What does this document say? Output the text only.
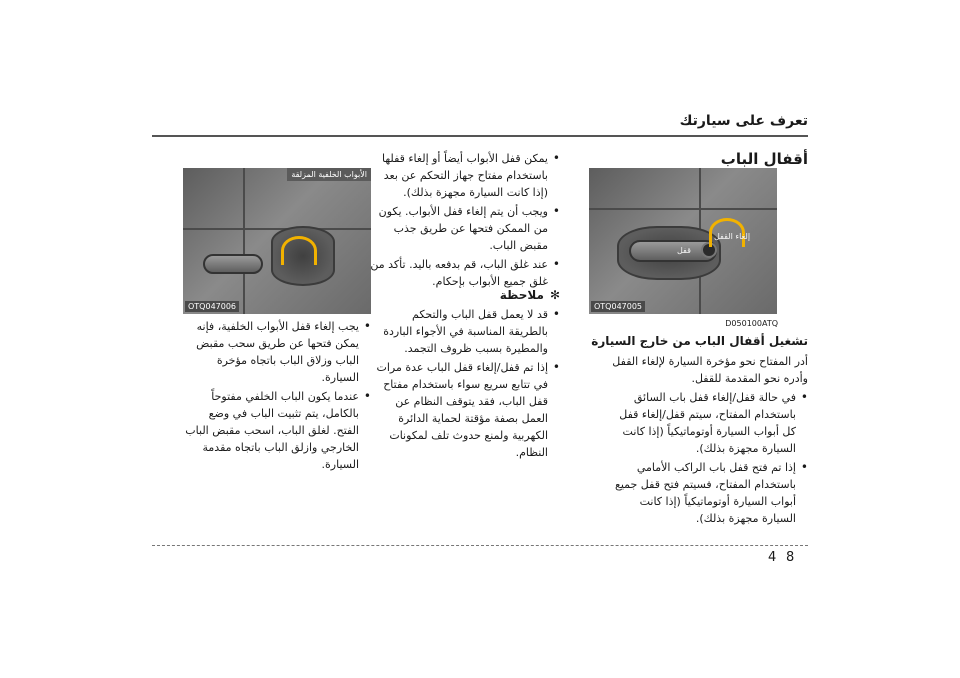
تعرف على سيارتك
أقفال الباب
قفل
إلغاء القفل
OTQ047005
D050100ATQ
الأبواب الخلفية المزلقة
OTQ047006
تشغيل أقفال الباب من خارج السيارة

أدر المفتاح نحو مؤخرة السيارة لإلغاء القفل وأدره نحو المقدمة للقفل.

• في حالة قفل/إلغاء قفل باب السائق باستخدام المفتاح، سيتم قفل/إلغاء قفل كل أبواب السيارة أوتوماتيكياً (إذا كانت السيارة مجهزة بذلك).

• إذا تم فتح قفل باب الراكب الأمامي باستخدام المفتاح، فسيتم فتح قفل جميع أبواب السيارة أوتوماتيكياً (إذا كانت السيارة مجهزة بذلك).

• يمكن قفل الأبواب أيضاً أو إلغاء قفلها باستخدام مفتاح جهاز التحكم عن بعد (إذا كانت السيارة مجهزة بذلك).

• ويجب أن يتم إلغاء قفل الأبواب. يكون من الممكن فتحها عن طريق جذب مقبض الباب.

• عند غلق الباب، قم بدفعه باليد. تأكد من غلق جميع الأبواب بإحكام.

✻ملاحظة

• قد لا يعمل قفل الباب والتحكم بالطريقة المناسبة في الأجواء الباردة والمطيرة بسبب ظروف التجمد.

• إذا تم قفل/إلغاء قفل الباب عدة مرات في تتابع سريع سواء باستخدام مفتاح قفل الباب، فقد يتوقف النظام عن العمل بصفة مؤقتة لحماية الدائرة الكهربية ولمنع حدوث تلف لمكونات النظام.

• يجب إلغاء قفل الأبواب الخلفية، فإنه يمكن فتحها عن طريق سحب مقبض الباب وزلاق الباب باتجاه مؤخرة السيارة.

• عندما يكون الباب الخلفي مفتوحاً بالكامل، يتم تثبيت الباب في وضع الفتح. لغلق الباب، اسحب مقبض الباب الخارجي وازلق الباب باتجاه مقدمة السيارة.

4 8
